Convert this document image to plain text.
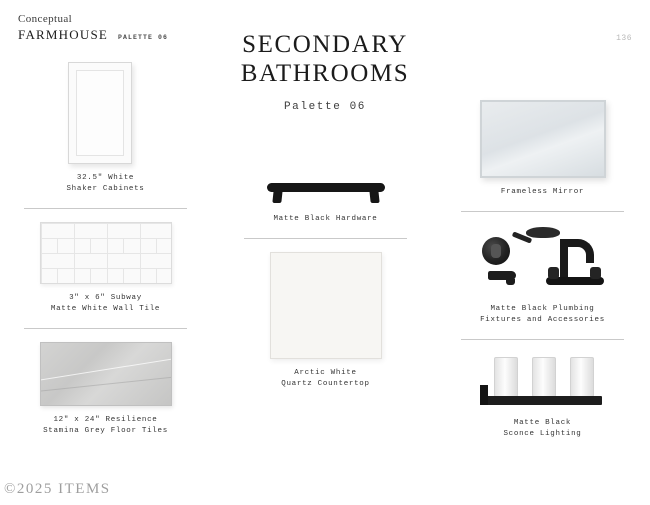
Conceptual
FARMHOUSE PALETTE 06	136
SECONDARY
BATHROOMS
Palette 06
32.5" White
Shaker Cabinets
3" x 6" Subway
Matte White Wall Tile
12" x 24" Resilience
Stamina Grey Floor Tiles
Matte Black Hardware
Arctic White
Quartz Countertop
Frameless Mirror
Matte Black Plumbing
Fixtures and Accessories
Matte Black
Sconce Lighting
©2025 ITEMS
